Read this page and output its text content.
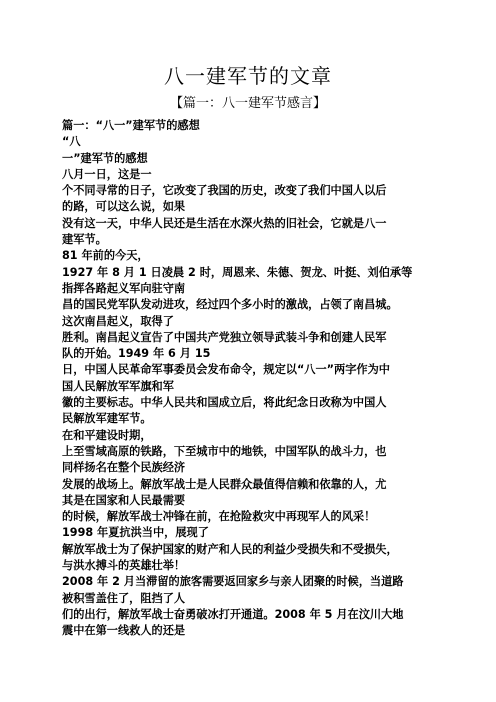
八一建军节的文章
【篇一：八一建军节感言】
篇一：“八一”建军节的感想
“八
一”建军节的感想
八月一日，这是一
个不同寻常的日子，它改变了我国的历史，改变了我们中国人以后
的路，可以这么说，如果
没有这一天，中华人民还是生活在水深火热的旧社会，它就是八一
建军节。
81 年前的今天，
1927 年 8 月 1 日凌晨 2 时，周恩来、朱德、贺龙、叶挺、刘伯承等
指挥各路起义军向驻守南
昌的国民党军队发动进攻，经过四个多小时的激战，占领了南昌城。
这次南昌起义，取得了
胜利。南昌起义宣告了中国共产党独立领导武装斗争和创建人民军
队的开始。1949 年 6 月 15
日，中国人民革命军事委员会发布命令，规定以“八一”两字作为中
国人民解放军军旗和军
徽的主要标志。中华人民共和国成立后，将此纪念日改称为中国人
民解放军建军节。
在和平建设时期，
上至雪域高原的铁路，下至城市中的地铁，中国军队的战斗力，也
同样扬名在整个民族经济
发展的战场上。解放军战士是人民群众最值得信赖和依靠的人，尤
其是在国家和人民最需要
的时候，解放军战士冲锋在前，在抢险救灾中再现军人的风采！
1998 年夏抗洪当中，展现了
解放军战士为了保护国家的财产和人民的利益少受损失和不受损失，
与洪水搏斗的英雄壮举！
2008 年 2 月当滞留的旅客需要返回家乡与亲人团聚的时候，当道路
被积雪盖住了，阻挡了人
们的出行，解放军战士奋勇破冰打开通道。2008 年 5 月在汶川大地
震中在第一线救人的还是
